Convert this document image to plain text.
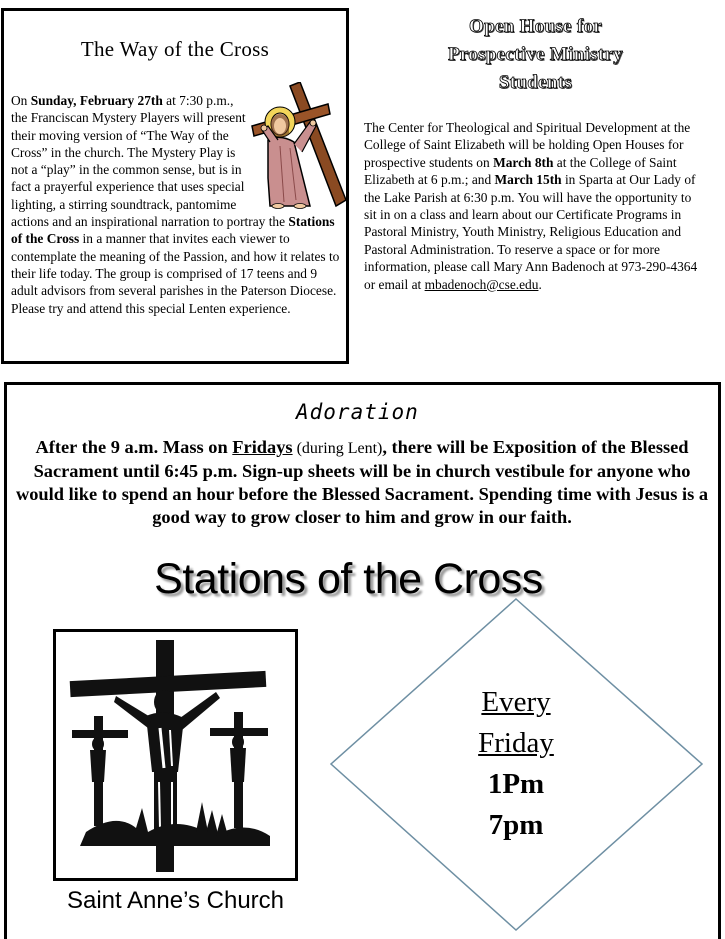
The Way of the Cross
On Sunday, February 27th at 7:30 p.m., the Franciscan Mystery Players will present their moving version of “The Way of the Cross” in the church. The Mystery Play is not a “play” in the common sense, but is in fact a prayerful experience that uses special lighting, a stirring soundtrack, pantomime actions and an inspirational narration to portray the Stations of the Cross in a manner that invites each viewer to contemplate the meaning of the Passion, and how it relates to their life today. The group is comprised of 17 teens and 9 adult advisors from several parishes in the Paterson Diocese. Please try and attend this special Lenten experience.
Open House for
Prospective Ministry
Students
The Center for Theological and Spiritual Development at the College of Saint Elizabeth will be holding Open Houses for prospective students on March 8th at the College of Saint Elizabeth at 6 p.m.; and March 15th in Sparta at Our Lady of the Lake Parish at 6:30 p.m. You will have the opportunity to sit in on a class and learn about our Certificate Programs in Pastoral Ministry, Youth Ministry, Religious Education and Pastoral Administration. To reserve a space or for more information, please call Mary Ann Badenoch at 973-290-4364 or email at mbadenoch@cse.edu.
Adoration
After the 9 a.m. Mass on Fridays (during Lent), there will be Exposition of the Blessed Sacrament until 6:45 p.m. Sign-up sheets will be in church vestibule for anyone who would like to spend an hour before the Blessed Sacrament. Spending time with Jesus is a good way to grow closer to him and grow in our faith.
Stations of the Cross
Saint Anne’s Church
Every
Friday
1Pm
7pm
